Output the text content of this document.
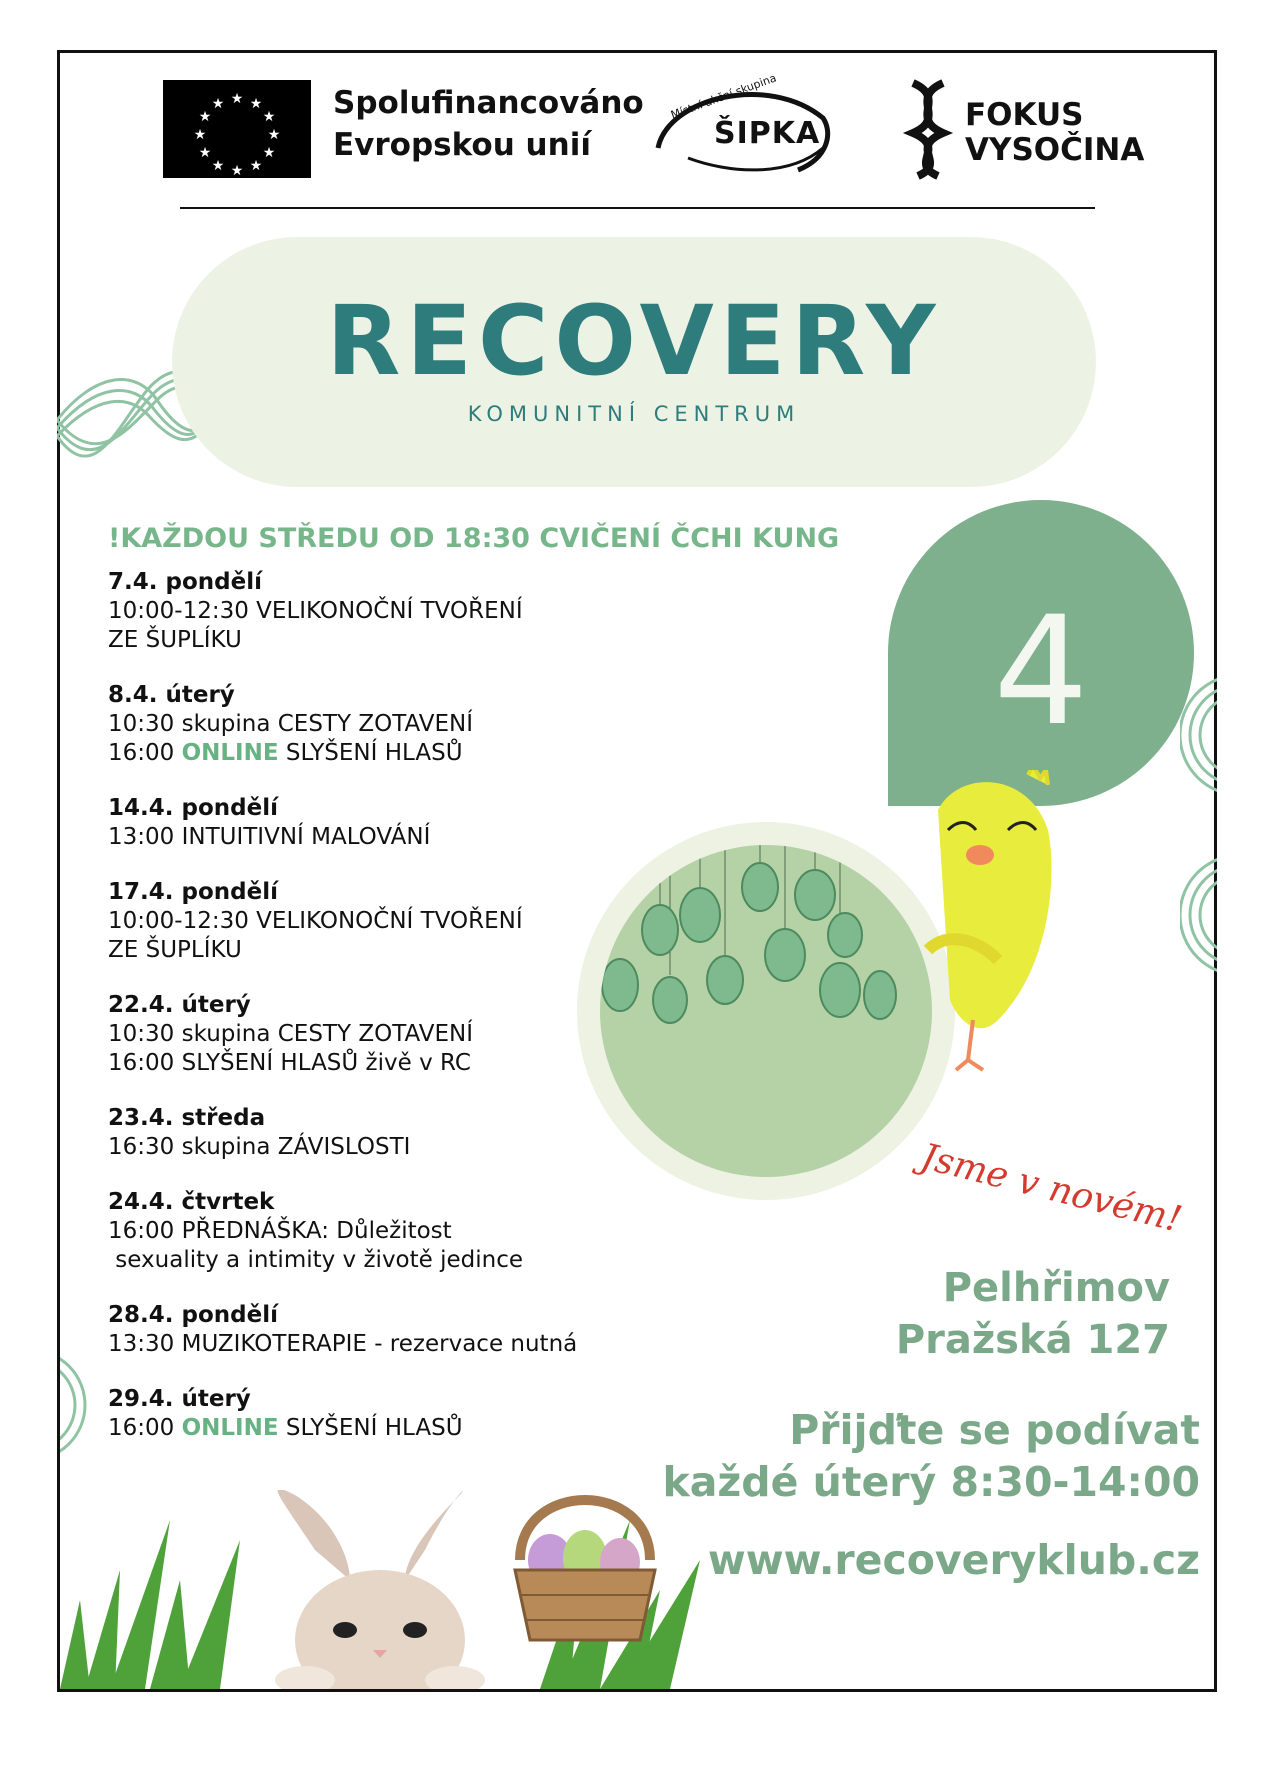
★ ★
★
★
★
★
★
★
★
★
★
★	Spolufinancováno
Evropskou unií
Místní akční skupina
ŠIPKA
FOKUS
VYSOČINA
RECOVERY
KOMUNITNÍ CENTRUM
!KAŽDOU STŘEDU OD 18:30 CVIČENÍ ČCHI KUNG
7.4. pondělí
10:00-12:30 VELIKONOČNÍ TVOŘENÍ
ZE ŠUPLÍKU
8.4. úterý
10:30 skupina CESTY ZOTAVENÍ
16:00 ONLINE SLYŠENÍ HLASŮ
14.4. pondělí
13:00 INTUITIVNÍ MALOVÁNÍ
17.4. pondělí
10:00-12:30 VELIKONOČNÍ TVOŘENÍ
ZE ŠUPLÍKU
22.4. úterý
10:30 skupina CESTY ZOTAVENÍ
16:00 SLYŠENÍ HLASŮ živě v RC
23.4. středa
16:30 skupina ZÁVISLOSTI
24.4. čtvrtek
16:00 PŘEDNÁŠKA: Důležitost
sexuality a intimity v životě jedince
28.4. pondělí
13:30 MUZIKOTERAPIE - rezervace nutná
29.4. úterý
16:00 ONLINE SLYŠENÍ HLASŮ
4
Jsme v novém!
Pelhřimov
Pražská 127
Přijďte se podívat
každé úterý 8:30-14:00
www.recoveryklub.cz
